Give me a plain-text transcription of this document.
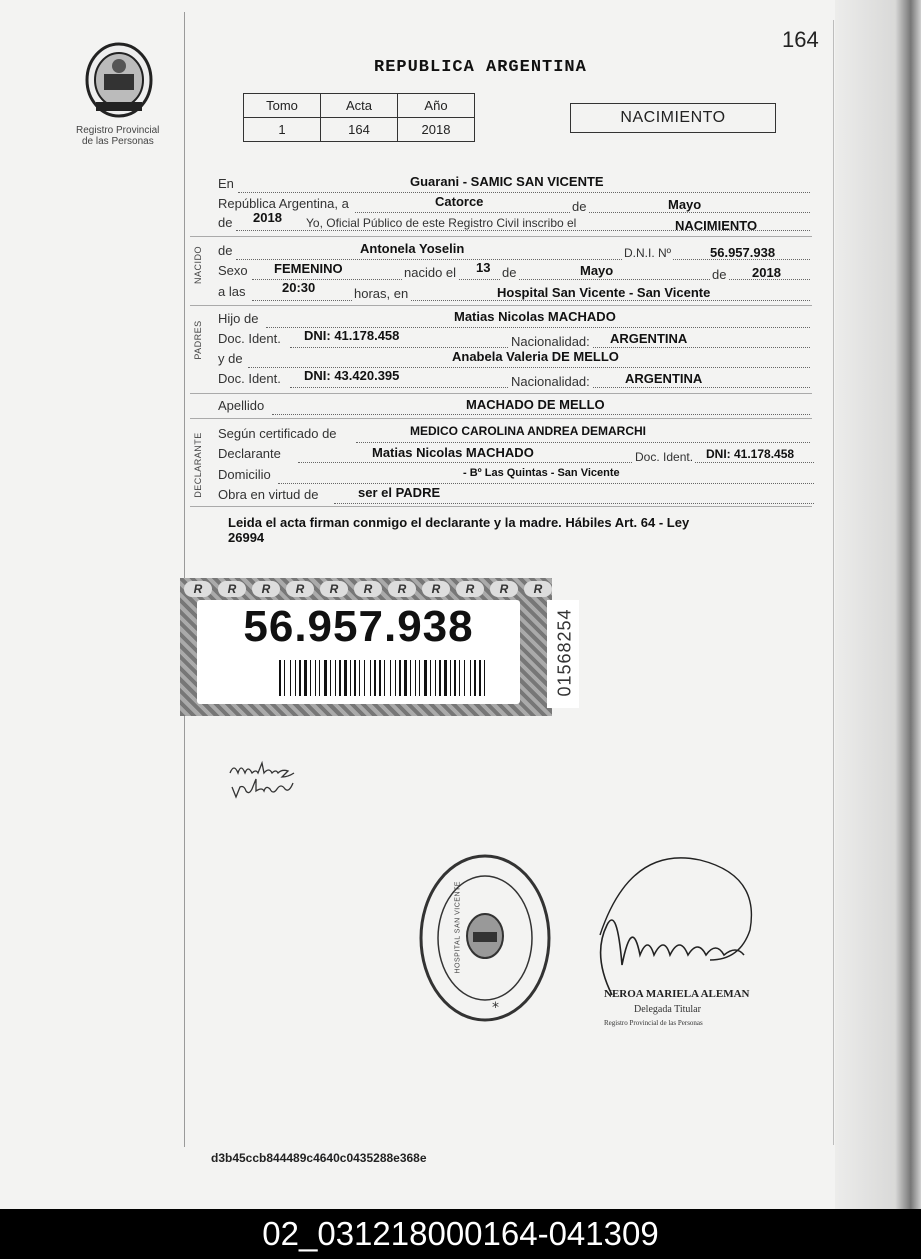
164
Registro Provincial
de las Personas
REPUBLICA ARGENTINA
Tomo	Acta	Año
1	164	2018
NACIMIENTO
NACIDO
PADRES
DECLARANTE
En	Guarani - SAMIC SAN VICENTE
República Argentina, a	Catorce	de	Mayo
de 2018 Yo, Oficial Público de este Registro Civil inscribo el	NACIMIENTO
de	Antonela Yoselin	D.N.I. Nº	56.957.938
Sexo FEMENINO	nacido el 13 de	Mayo	de 2018
a las	20:30	horas, en	Hospital San Vicente - San Vicente
Hijo de	Matias Nicolas MACHADO
Doc. Ident. DNI: 41.178.458	Nacionalidad: ARGENTINA
y de	Anabela Valeria DE MELLO
Doc. Ident. DNI: 43.420.395	Nacionalidad:	ARGENTINA
Apellido	MACHADO DE MELLO
Según certificado de	MEDICO CAROLINA ANDREA DEMARCHI
Declarante	Matias Nicolas MACHADO	Doc. Ident. DNI: 41.178.458
Domicilio	- Bº Las Quintas - San Vicente
Obra en virtud de	ser el PADRE
Leida el acta firman conmigo el declarante y la madre. Hábiles Art. 64 - Ley
26994
R	R	R	R	R	R	R	R	R	R	R
56.957.938	01568254
*
HOSPITAL SAN VICENTE
NEROA MARIELA ALEMAN
Delegada Titular
Registro Provincial de las Personas
d3b45ccb844489c4640c0435288e368e
02_031218000164-041309
